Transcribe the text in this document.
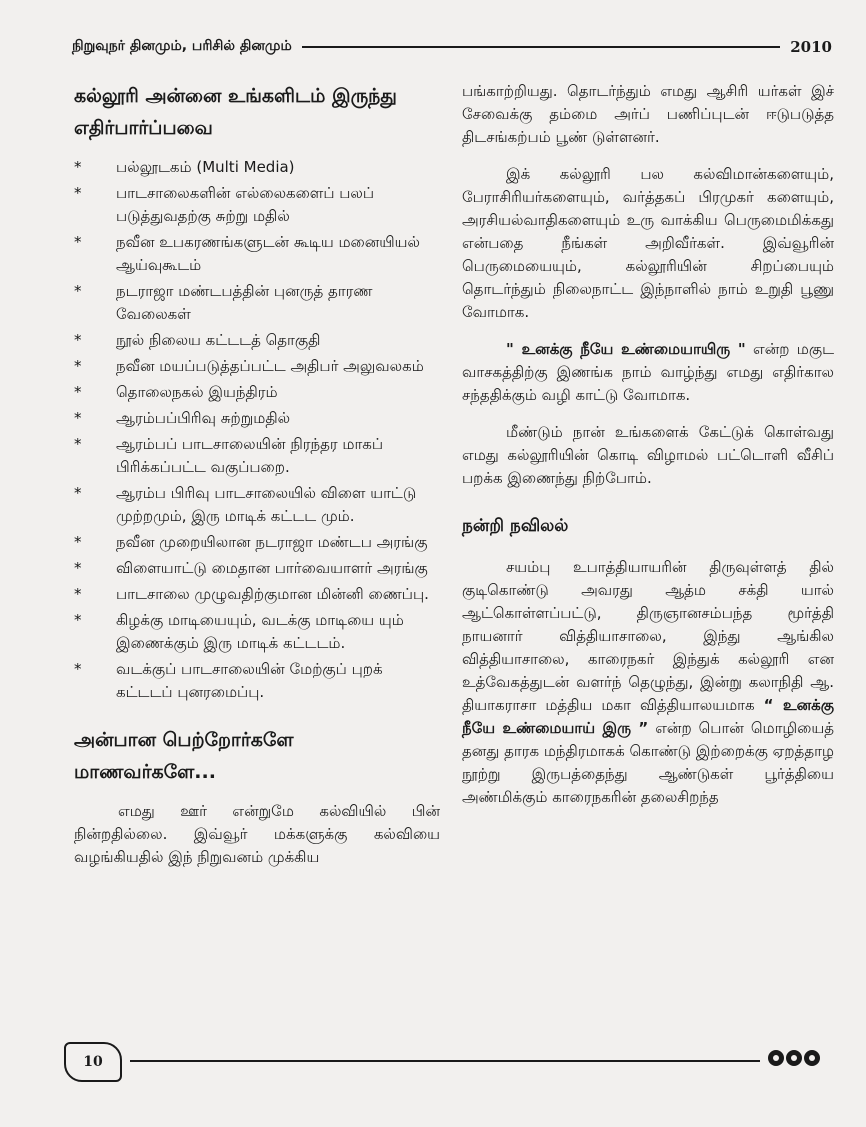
நிறுவுநர் தினமும், பரிசில் தினமும்	2010
கல்லூரி அன்னை உங்களிடம் இருந்து எதிர்பார்ப்பவை
* பல்லூடகம் (Multi Media)
* பாடசாலைகளின் எல்லைகளைப் பலப் படுத்துவதற்கு சுற்று மதில்
* நவீன உபகரணங்களுடன் கூடிய மனையியல் ஆய்வுகூடம்
* நடராஜா மண்டபத்தின் புனருத் தாரண வேலைகள்
* நூல் நிலைய கட்டடத் தொகுதி
* நவீன மயப்படுத்தப்பட்ட அதிபர் அலுவலகம்
* தொலைநகல் இயந்திரம்
* ஆரம்பப்பிரிவு சுற்றுமதில்
* ஆரம்பப் பாடசாலையின் நிரந்தர மாகப் பிரிக்கப்பட்ட வகுப்பறை.
* ஆரம்ப பிரிவு பாடசாலையில் விளை யாட்டு முற்றமும், இரு மாடிக் கட்டட மும்.
* நவீன முறையிலான நடராஜா மண்டப அரங்கு
* விளையாட்டு மைதான பார்வையாளர் அரங்கு
* பாடசாலை முழுவதிற்குமான மின்னி ணைப்பு.
* கிழக்கு மாடியையும், வடக்கு மாடியை யும் இணைக்கும் இரு மாடிக் கட்டடம்.
* வடக்குப் பாடசாலையின் மேற்குப் புறக் கட்டடப் புனரமைப்பு.
அன்பான பெற்றோர்களே மாணவர்களே...

எமது ஊர் என்றுமே கல்வியில் பின் நின்றதில்லை. இவ்வூர் மக்களுக்கு கல்வியை வழங்கியதில் இந் நிறுவனம் முக்கிய

பங்காற்றியது. தொடர்ந்தும் எமது ஆசிரி யர்கள் இச் சேவைக்கு தம்மை அர்ப் பணிப்புடன் ஈடுபடுத்த திடசங்கற்பம் பூண் டுள்ளனர்.

இக் கல்லூரி பல கல்விமான்களையும், பேராசிரியர்களையும், வர்த்தகப் பிரமுகர் களையும், அரசியல்வாதிகளையும் உரு வாக்கிய பெருமைமிக்கது என்பதை நீங்கள் அறிவீர்கள். இவ்வூரின் பெருமையையும், கல்லூரியின் சிறப்பையும் தொடர்ந்தும் நிலைநாட்ட இந்நாளில் நாம் உறுதி பூணு வோமாக.

" உனக்கு நீயே உண்மையாயிரு " என்ற மகுட வாசகத்திற்கு இணங்க நாம் வாழ்ந்து எமது எதிர்கால சந்ததிக்கும் வழி காட்டு வோமாக.

மீண்டும் நான் உங்களைக் கேட்டுக் கொள்வது எமது கல்லூரியின் கொடி விழாமல் பட்டொளி வீசிப் பறக்க இணைந்து நிற்போம்.

நன்றி நவிலல்

சயம்பு உபாத்தியாயரின் திருவுள்ளத் தில் குடிகொண்டு அவரது ஆத்ம சக்தி யால் ஆட்கொள்ளப்பட்டு, திருஞானசம்பந்த மூர்த்தி நாயனார் வித்தியாசாலை, இந்து ஆங்கில வித்தியாசாலை, காரைநகர் இந்துக் கல்லூரி என உத்வேகத்துடன் வளர்ந் தெழுந்து, இன்று கலாநிதி ஆ. தியாகராசா மத்திய மகா வித்தியாலயமாக “ உனக்கு நீயே உண்மையாய் இரு ” என்ற பொன் மொழியைத் தனது தாரக மந்திரமாகக் கொண்டு இற்றைக்கு ஏறத்தாழ நூற்று இருபத்தைந்து ஆண்டுகள் பூர்த்தியை அண்மிக்கும் காரைநகரின் தலைசிறந்த

10
